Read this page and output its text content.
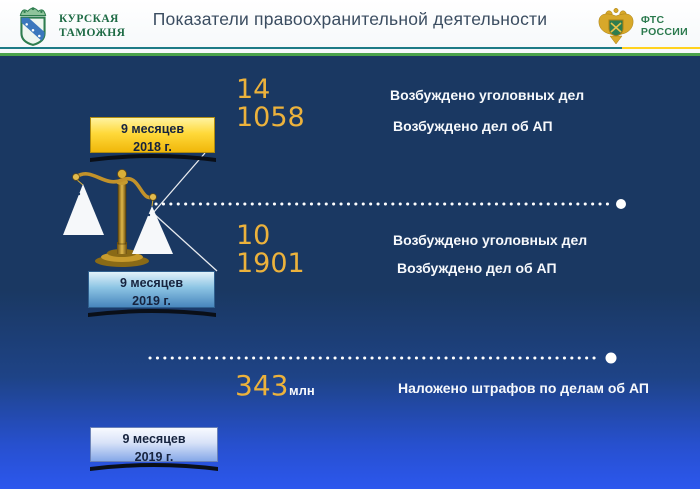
КУРСКАЯ
ТАМОЖНЯ
Показатели правоохранительной деятельности	ФТС
РОССИИ
9 месяцев
2018 г.
14
1058
Возбуждено уголовных дел
Возбуждено дел об АП
10
1901
Возбуждено уголовных дел
Возбуждено дел об АП
9 месяцев
2019 г.
343 млн	Наложено штрафов по делам об АП
9 месяцев
2019 г.
